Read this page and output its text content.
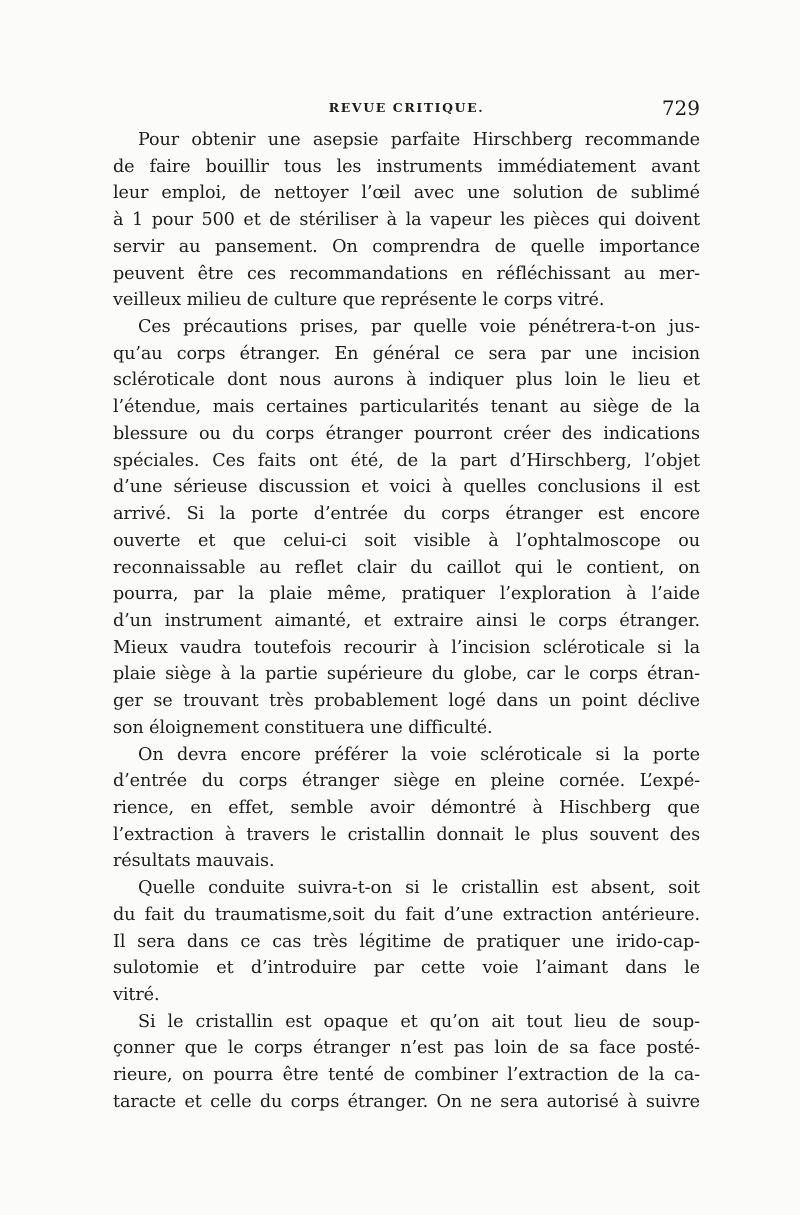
REVUE CRITIQUE.	729
Pour obtenir une asepsie parfaite Hirschberg recommande
de faire bouillir tous les instruments immédiatement avant
leur emploi, de nettoyer l’œil avec une solution de sublimé
à 1 pour 500 et de stériliser à la vapeur les pièces qui doivent
servir au pansement. On comprendra de quelle importance
peuvent être ces recommandations en réfléchissant au mer-
veilleux milieu de culture que représente le corps vitré.
Ces précautions prises, par quelle voie pénétrera-t-on jus-
qu’au corps étranger. En général ce sera par une incision
scléroticale dont nous aurons à indiquer plus loin le lieu et
l’étendue, mais certaines particularités tenant au siège de la
blessure ou du corps étranger pourront créer des indications
spéciales. Ces faits ont été, de la part d’Hirschberg, l’objet
d’une sérieuse discussion et voici à quelles conclusions il est
arrivé. Si la porte d’entrée du corps étranger est encore
ouverte et que celui-ci soit visible à l’ophtalmoscope ou
reconnaissable au reflet clair du caillot qui le contient, on
pourra, par la plaie même, pratiquer l’exploration à l’aide
d’un instrument aimanté, et extraire ainsi le corps étranger.
Mieux vaudra toutefois recourir à l’incision scléroticale si la
plaie siège à la partie supérieure du globe, car le corps étran-
ger se trouvant très probablement logé dans un point déclive
son éloignement constituera une difficulté.
On devra encore préférer la voie scléroticale si la porte
d’entrée du corps étranger siège en pleine cornée. L’expé-
rience, en effet, semble avoir démontré à Hischberg que
l’extraction à travers le cristallin donnait le plus souvent des
résultats mauvais.
Quelle conduite suivra-t-on si le cristallin est absent, soit
du fait du traumatisme,soit du fait d’une extraction antérieure.
Il sera dans ce cas très légitime de pratiquer une irido-cap-
sulotomie et d’introduire par cette voie l’aimant dans le
vitré.
Si le cristallin est opaque et qu’on ait tout lieu de soup-
çonner que le corps étranger n’est pas loin de sa face posté-
rieure, on pourra être tenté de combiner l’extraction de la ca-
taracte et celle du corps étranger. On ne sera autorisé à suivre
